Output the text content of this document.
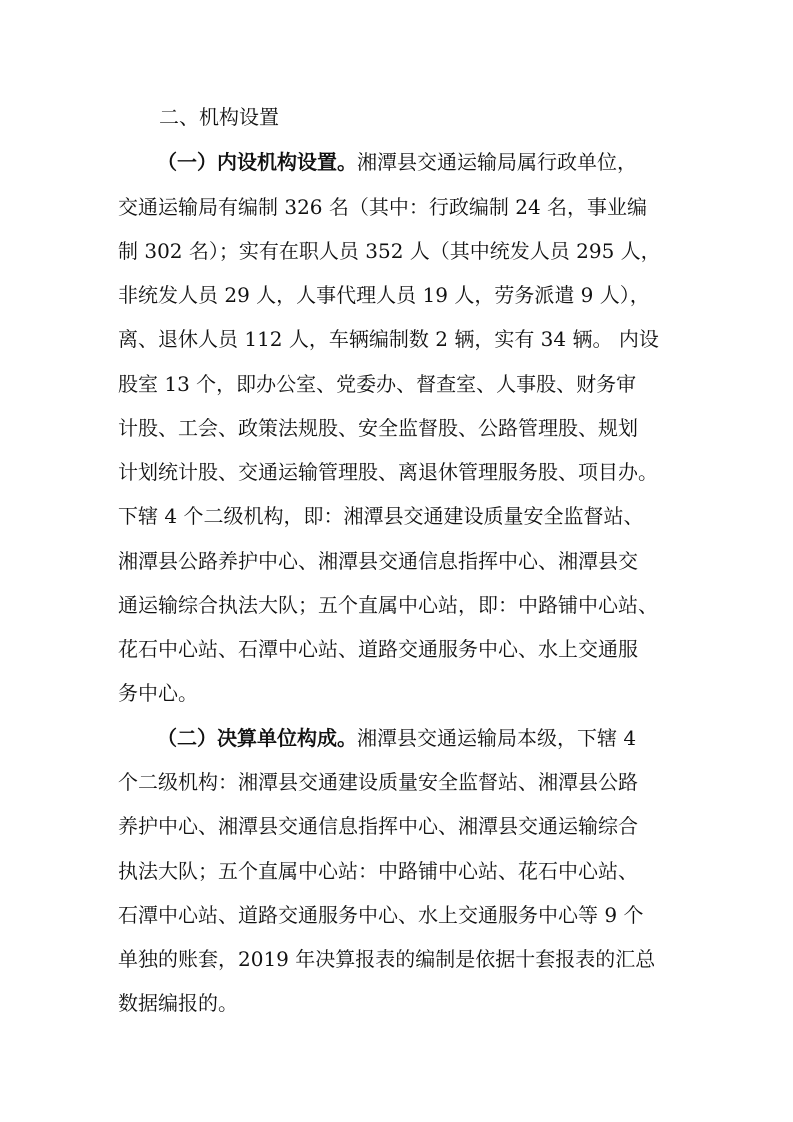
二、机构设置
（一）内设机构设置。湘潭县交通运输局属行政单位，
交通运输局有编制 326 名（其中：行政编制 24 名，事业编
制 302 名）；实有在职人员 352 人（其中统发人员 295 人，
非统发人员 29 人，人事代理人员 19 人，劳务派遣 9 人），
离、退休人员 112 人，车辆编制数 2 辆，实有 34 辆。 内设
股室 13 个，即办公室、党委办、督查室、人事股、财务审
计股、工会、政策法规股、安全监督股、公路管理股、规划
计划统计股、交通运输管理股、离退休管理服务股、项目办。
下辖 4 个二级机构，即：湘潭县交通建设质量安全监督站、
湘潭县公路养护中心、湘潭县交通信息指挥中心、湘潭县交
通运输综合执法大队；五个直属中心站，即：中路铺中心站、
花石中心站、石潭中心站、道路交通服务中心、水上交通服
务中心。
（二）决算单位构成。湘潭县交通运输局本级，下辖 4
个二级机构：湘潭县交通建设质量安全监督站、湘潭县公路
养护中心、湘潭县交通信息指挥中心、湘潭县交通运输综合
执法大队；五个直属中心站：中路铺中心站、花石中心站、
石潭中心站、道路交通服务中心、水上交通服务中心等 9 个
单独的账套，2019 年决算报表的编制是依据十套报表的汇总
数据编报的。
